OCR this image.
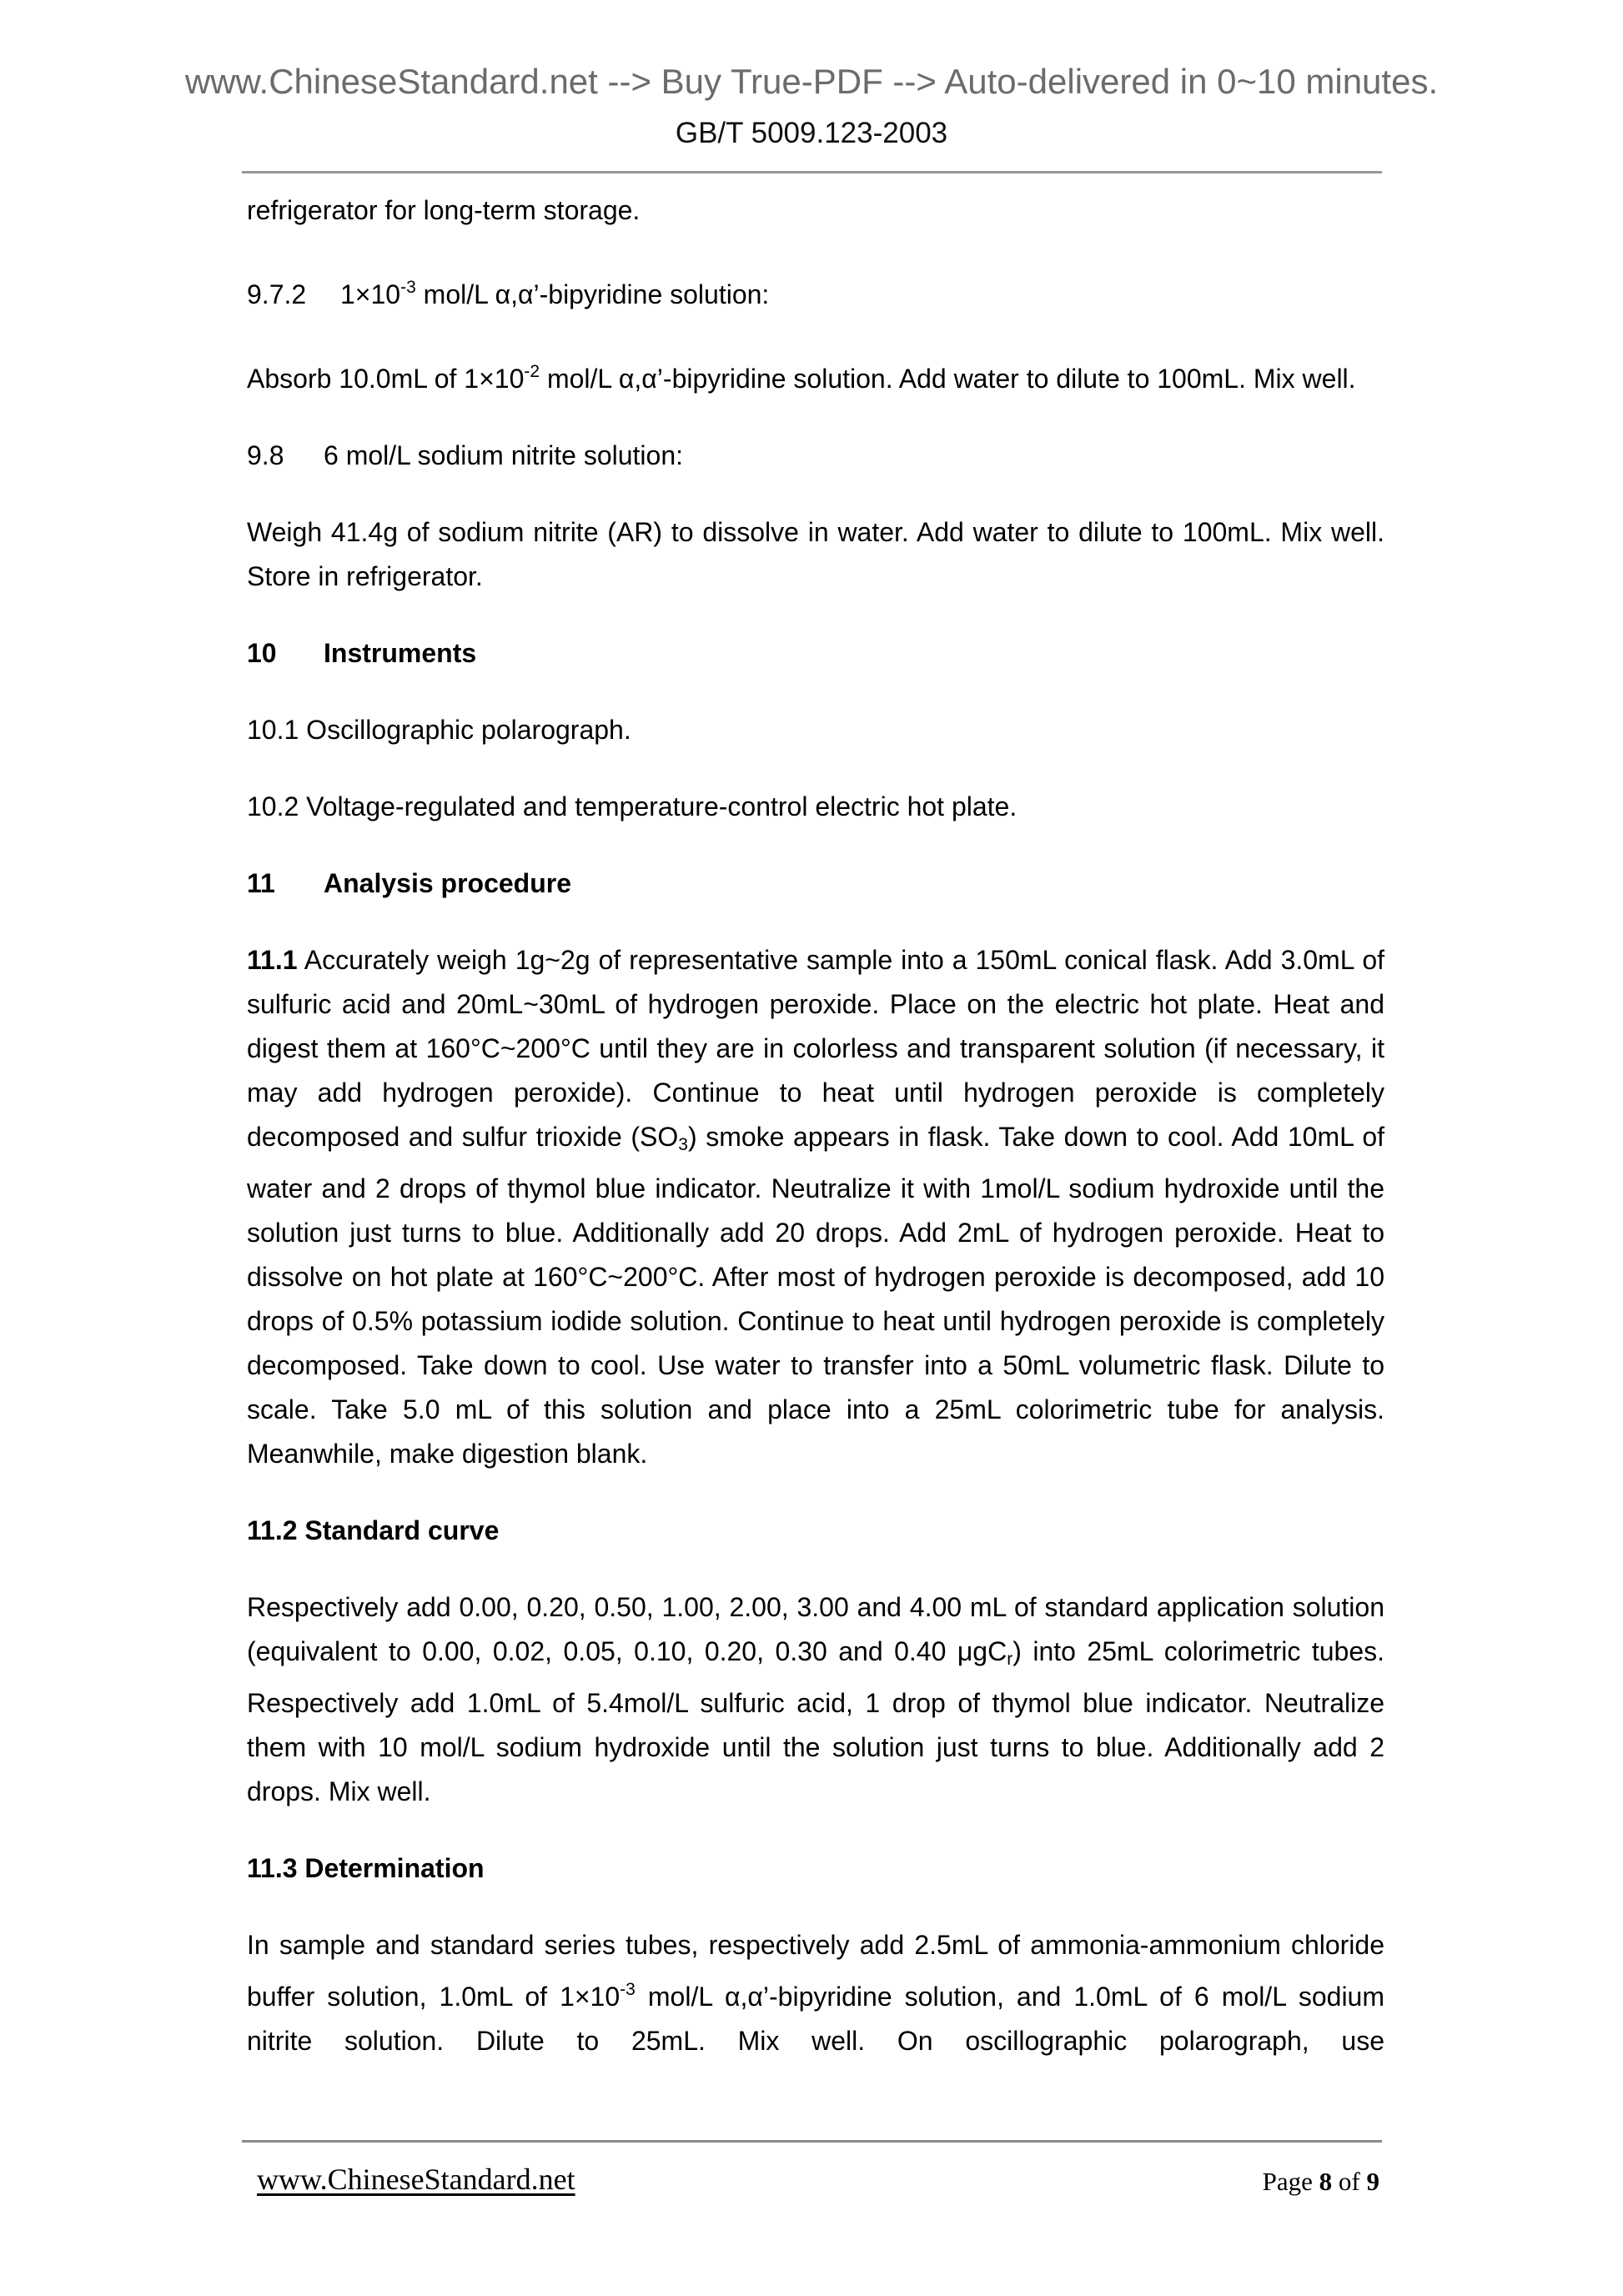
www.ChineseStandard.net --> Buy True-PDF --> Auto-delivered in 0~10 minutes.
GB/T 5009.123-2003

refrigerator for long-term storage.

9.7.2 $1\times 10^{-3}$ mol/L α,α’-bipyridine solution:

Absorb 10.0mL of $1\times 10^{-2}$ mol/L α,α’-bipyridine solution. Add water to dilute to 100mL. Mix well.

9.8 6 mol/L sodium nitrite solution:

Weigh 41.4g of sodium nitrite (AR) to dissolve in water. Add water to dilute to 100mL. Mix well. Store in refrigerator.

10 Instruments

10.1 Oscillographic polarograph.

10.2 Voltage-regulated and temperature-control electric hot plate.

11 Analysis procedure

11.1 Accurately weigh 1g~2g of representative sample into a 150mL conical flask. Add 3.0mL of sulfuric acid and 20mL~30mL of hydrogen peroxide. Place on the electric hot plate. Heat and digest them at 160°C~200°C until they are in colorless and transparent solution (if necessary, it may add hydrogen peroxide). Continue to heat until hydrogen peroxide is completely decomposed and sulfur trioxide $(SO_3)$ smoke appears in flask. Take down to cool. Add 10mL of water and 2 drops of thymol blue indicator. Neutralize it with 1mol/L sodium hydroxide until the solution just turns to blue. Additionally add 20 drops. Add 2mL of hydrogen peroxide. Heat to dissolve on hot plate at 160°C~200°C. After most of hydrogen peroxide is decomposed, add 10 drops of 0.5% potassium iodide solution. Continue to heat until hydrogen peroxide is completely decomposed. Take down to cool. Use water to transfer into a 50mL volumetric flask. Dilute to scale. Take 5.0 mL of this solution and place into a 25mL colorimetric tube for analysis. Meanwhile, make digestion blank.

11.2 Standard curve

Respectively add 0.00, 0.20, 0.50, 1.00, 2.00, 3.00 and 4.00 mL of standard application solution (equivalent to 0.00, 0.02, 0.05, 0.10, 0.20, 0.30 and 0.40 μgC$_r$) into 25mL colorimetric tubes. Respectively add 1.0mL of 5.4mol/L sulfuric acid, 1 drop of thymol blue indicator. Neutralize them with 10 mol/L sodium hydroxide until the solution just turns to blue. Additionally add 2 drops. Mix well.

11.3 Determination

In sample and standard series tubes, respectively add 2.5mL of ammonia-ammonium chloride buffer solution, 1.0mL of $1\times 10^{-3}$ mol/L α,α’-bipyridine solution, and 1.0mL of 6 mol/L sodium nitrite solution. Dilute to 25mL. Mix well. On oscillographic polarograph, use

www.ChineseStandard.net	Page 8 of 9
